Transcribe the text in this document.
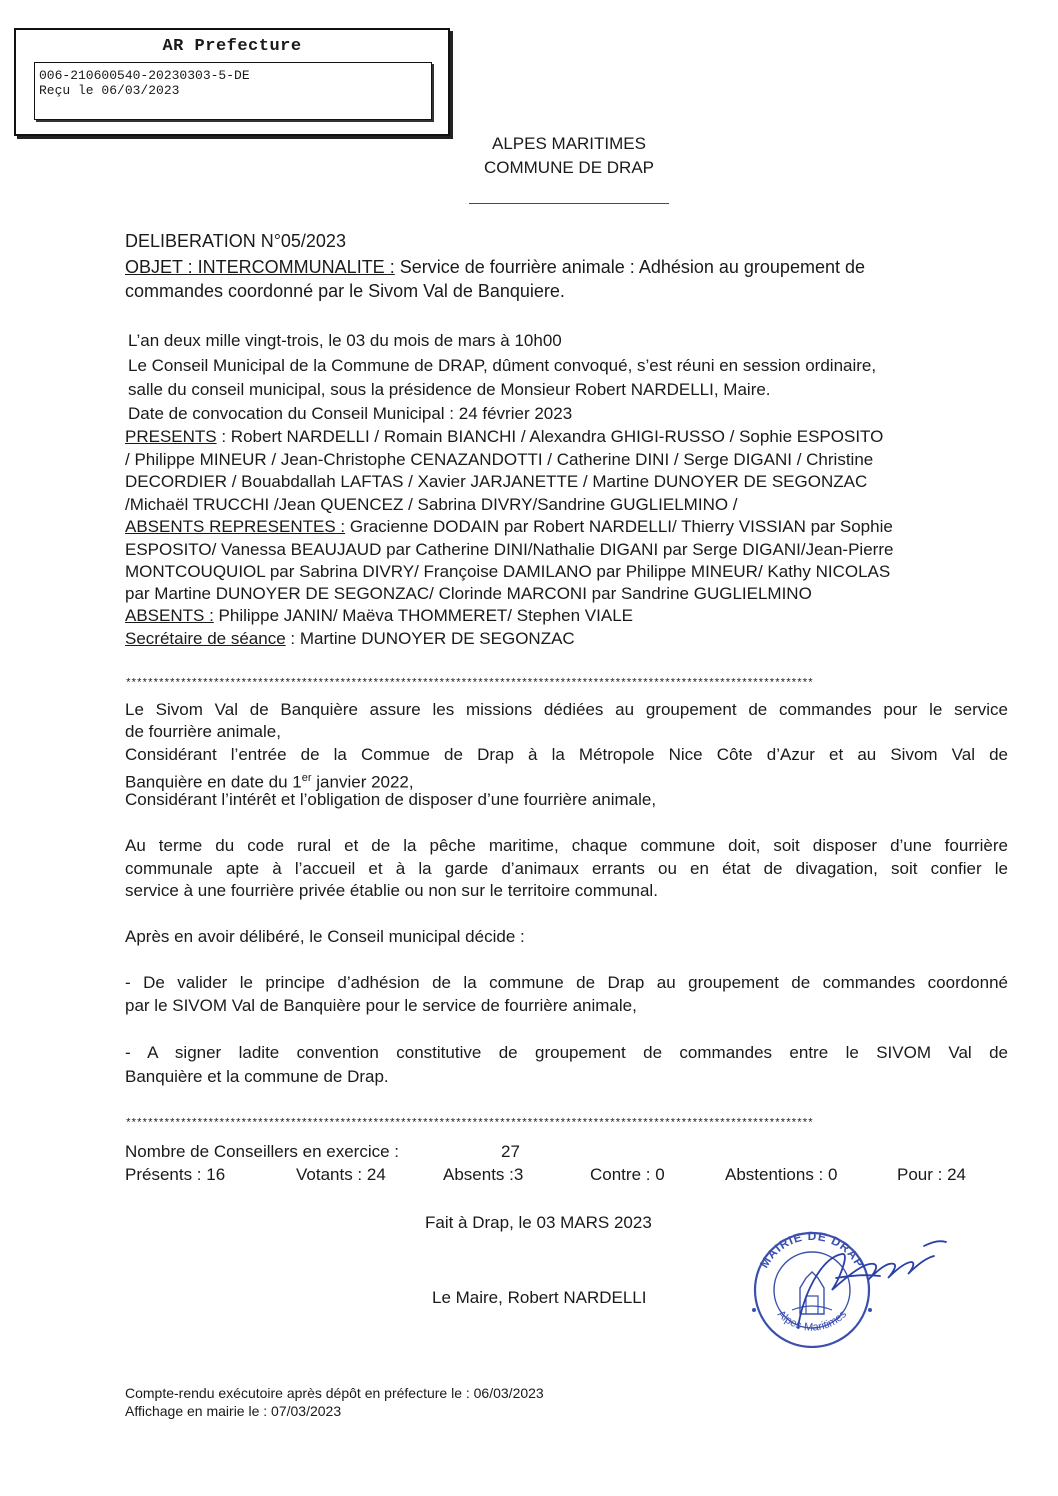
AR Prefecture
006-210600540-20230303-5-DE
Reçu le 06/03/2023
ALPES MARITIMES
COMMUNE DE DRAP
DELIBERATION N°05/2023
OBJET : INTERCOMMUNALITE : Service de fourrière animale : Adhésion au groupement de
commandes coordonné par le Sivom Val de Banquiere.
L’an deux mille vingt-trois, le 03 du mois de mars à 10h00
Le Conseil Municipal de la Commune de DRAP, dûment convoqué, s’est réuni en session ordinaire,
salle du conseil municipal, sous la présidence de Monsieur Robert NARDELLI, Maire.
Date de convocation du Conseil Municipal : 24 février 2023
PRESENTS : Robert NARDELLI / Romain BIANCHI / Alexandra GHIGI-RUSSO / Sophie ESPOSITO
/ Philippe MINEUR / Jean-Christophe CENAZANDOTTI / Catherine DINI / Serge DIGANI / Christine
DECORDIER / Bouabdallah LAFTAS / Xavier JARJANETTE / Martine DUNOYER DE SEGONZAC
/Michaël TRUCCHI /Jean QUENCEZ / Sabrina DIVRY/Sandrine GUGLIELMINO /
ABSENTS REPRESENTES : Gracienne DODAIN par Robert NARDELLI/ Thierry VISSIAN par Sophie
ESPOSITO/ Vanessa BEAUJAUD par Catherine DINI/Nathalie DIGANI par Serge DIGANI/Jean-Pierre
MONTCOUQUIOL par Sabrina DIVRY/ Françoise DAMILANO par Philippe MINEUR/ Kathy NICOLAS
par Martine DUNOYER DE SEGONZAC/ Clorinde MARCONI par Sandrine GUGLIELMINO
ABSENTS : Philippe JANIN/ Maëva THOMMERET/ Stephen VIALE
Secrétaire de séance : Martine DUNOYER DE SEGONZAC
*****************************************************************************************************************************
Le Sivom Val de Banquière assure les missions dédiées au groupement de commandes pour le service
de fourrière animale,
Considérant l’entrée de la Commue de Drap à la Métropole Nice Côte d’Azur et au Sivom Val de
Banquière en date du 1er janvier 2022,
Considérant l’intérêt et l’obligation de disposer d’une fourrière animale,
Au terme du code rural et de la pêche maritime, chaque commune doit, soit disposer d’une fourrière
communale apte à l’accueil et à la garde d’animaux errants ou en état de divagation, soit confier le
service à une fourrière privée établie ou non sur le territoire communal.
Après en avoir délibéré, le Conseil municipal décide :
- De valider le principe d’adhésion de la commune de Drap au groupement de commandes coordonné
par le SIVOM Val de Banquière pour le service de fourrière animale,
- A signer ladite convention constitutive de groupement de commandes entre le SIVOM Val de
Banquière et la commune de Drap.
*****************************************************************************************************************************
Nombre de Conseillers en exercice :	27
Présents : 16	Votants : 24	Absents :3	Contre : 0	Abstentions : 0	Pour : 24
Fait à Drap, le 03 MARS 2023
Le Maire, Robert NARDELLI
MAIRIE DE DRAP
Alpes-Maritimes
Compte-rendu exécutoire après dépôt en préfecture le : 06/03/2023
Affichage en mairie le : 07/03/2023
